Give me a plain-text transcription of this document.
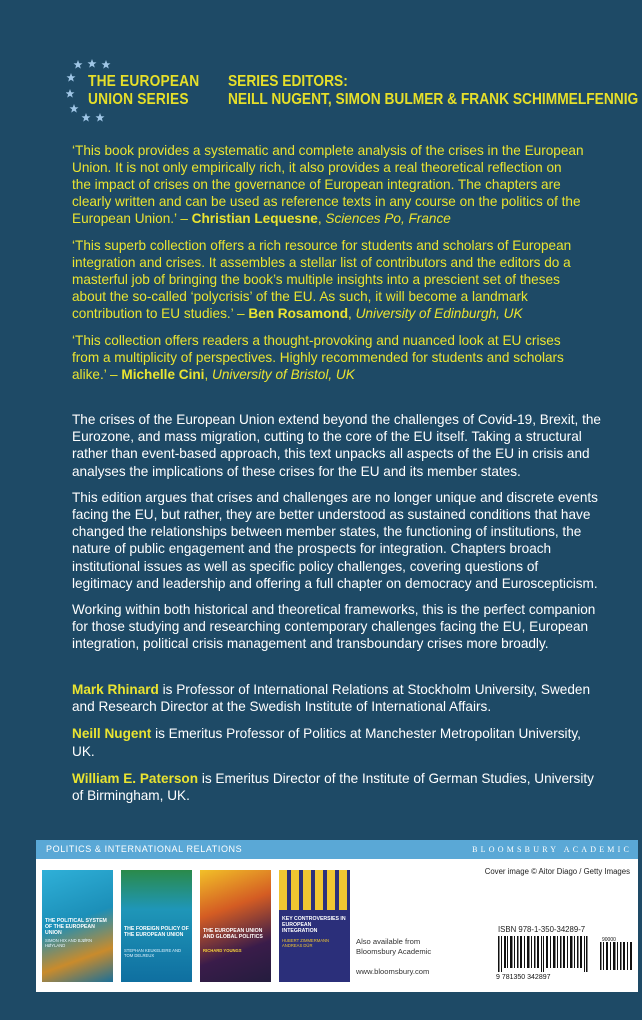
THE EUROPEAN
UNION SERIES
SERIES EDITORS:
NEILL NUGENT, SIMON BULMER & FRANK SCHIMMELFENNIG

‘This book provides a systematic and complete analysis of the crises in the European Union. It is not only empirically rich, it also provides a real theoretical reflection on the impact of crises on the governance of European integration. The chapters are clearly written and can be used as reference texts in any course on the politics of the European Union.’ – Christian Lequesne, Sciences Po, France

‘This superb collection offers a rich resource for students and scholars of European integration and crises. It assembles a stellar list of contributors and the editors do a masterful job of bringing the book’s multiple insights into a prescient set of theses about the so-called ‘polycrisis’ of the EU. As such, it will become a landmark contribution to EU studies.’ – Ben Rosamond, University of Edinburgh, UK

‘This collection offers readers a thought-provoking and nuanced look at EU crises from a multiplicity of perspectives. Highly recommended for students and scholars alike.’ – Michelle Cini, University of Bristol, UK

The crises of the European Union extend beyond the challenges of Covid-19, Brexit, the Eurozone, and mass migration, cutting to the core of the EU itself. Taking a structural rather than event-based approach, this text unpacks all aspects of the EU in crisis and analyses the implications of these crises for the EU and its member states.

This edition argues that crises and challenges are no longer unique and discrete events facing the EU, but rather, they are better understood as sustained conditions that have changed the relationships between member states, the functioning of institutions, the nature of public engagement and the prospects for integration. Chapters broach institutional issues as well as specific policy challenges, covering questions of legitimacy and leadership and offering a full chapter on democracy and Euroscepticism.

Working within both historical and theoretical frameworks, this is the perfect companion for those studying and researching contemporary challenges facing the EU, European integration, political crisis management and transboundary crises more broadly.

Mark Rhinard is Professor of International Relations at Stockholm University, Sweden and Research Director at the Swedish Institute of International Affairs.

Neill Nugent is Emeritus Professor of Politics at Manchester Metropolitan University, UK.

William E. Paterson is Emeritus Director of the Institute of German Studies, University of Birmingham, UK.

POLITICS & INTERNATIONAL RELATIONS	BLOOMSBURY ACADEMIC
THE POLITICAL SYSTEM OF THE EUROPEAN UNION
SIMON HIX AND BJØRN HØYLAND
THE FOREIGN POLICY OF THE EUROPEAN UNION
STEPHAN KEUKELEIRE AND TOM DELREUX
THE EUROPEAN UNION AND GLOBAL POLITICS
RICHARD YOUNGS
KEY CONTROVERSIES IN EUROPEAN INTEGRATION
HUBERT ZIMMERMANN ANDREAS DÜR	Also available from
Bloomsbury Academic
www.bloomsbury.com
Cover image © Aitor Diago / Getty Images
ISBN 978-1-350-34289-7
9 781350 342897
90000
